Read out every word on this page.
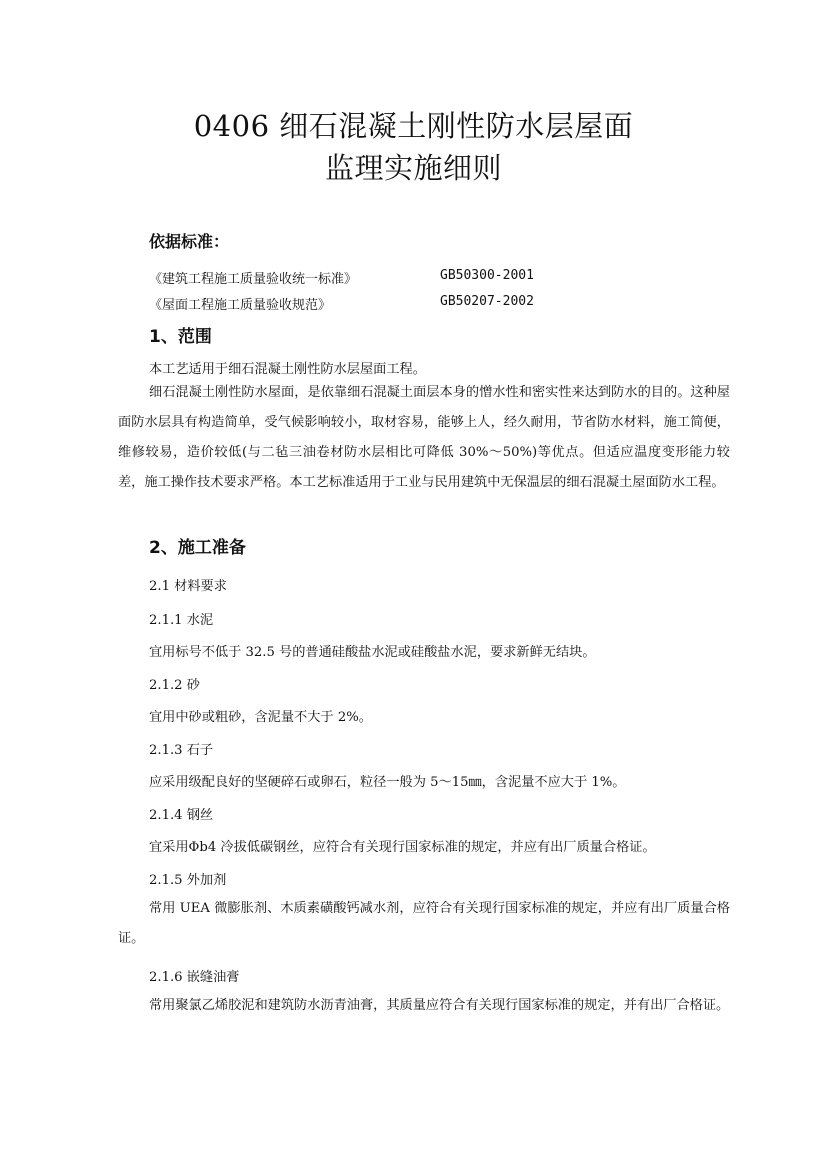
0406 细石混凝土刚性防水层屋面
监理实施细则
依据标准：
《建筑工程施工质量验收统一标准》	GB50300-2001
《屋面工程施工质量验收规范》	GB50207-2002
1、范围
本工艺适用于细石混凝土刚性防水层屋面工程。
细石混凝土刚性防水屋面，是依靠细石混凝土面层本身的憎水性和密实性来达到防水的目的。这种屋面防水层具有构造简单，受气候影响较小，取材容易，能够上人，经久耐用，节省防水材料，施工简便，维修较易，造价较低(与二毡三油卷材防水层相比可降低 30%～50%)等优点。但适应温度变形能力较差，施工操作技术要求严格。本工艺标准适用于工业与民用建筑中无保温层的细石混凝土屋面防水工程。
2、施工准备
2.1 材料要求
2.1.1 水泥
宜用标号不低于 32.5 号的普通硅酸盐水泥或硅酸盐水泥，要求新鲜无结块。
2.1.2 砂
宜用中砂或粗砂，含泥量不大于 2%。
2.1.3 石子
应采用级配良好的坚硬碎石或卵石，粒径一般为 5～15㎜，含泥量不应大于 1%。
2.1.4 钢丝
宜采用Φb4 冷拔低碳钢丝，应符合有关现行国家标准的规定，并应有出厂质量合格证。
2.1.5 外加剂
常用 UEA 微膨胀剂、木质素磺酸钙减水剂，应符合有关现行国家标准的规定，并应有出厂质量合格证。
2.1.6 嵌缝油膏
常用聚氯乙烯胶泥和建筑防水沥青油膏，其质量应符合有关现行国家标准的规定，并有出厂合格证。
